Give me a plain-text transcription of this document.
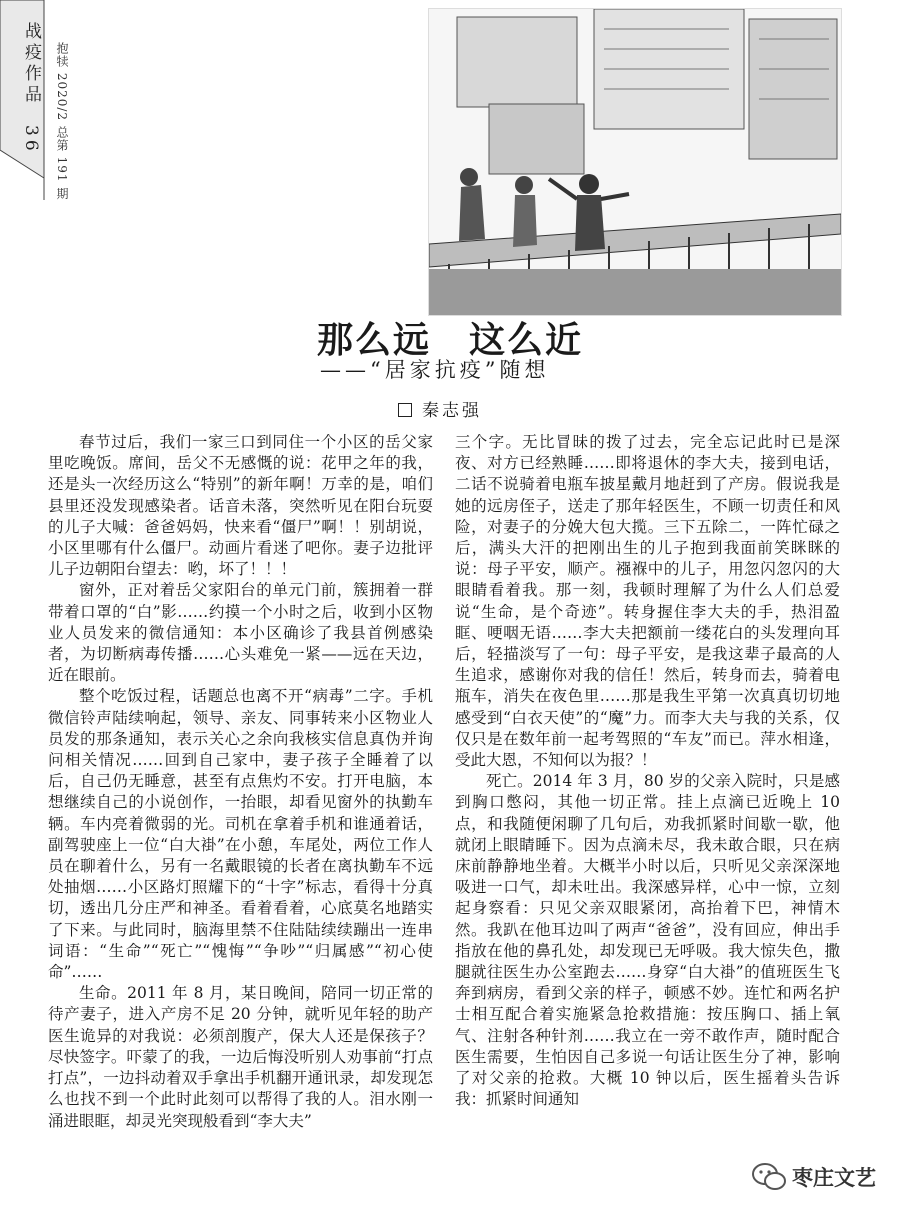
战疫作品 36 抱犊 2020/2 总第 191 期
那么远　这么近
——“居家抗疫”随想
秦志强

春节过后，我们一家三口到同住一个小区的岳父家里吃晚饭。席间，岳父不无感慨的说：花甲之年的我，还是头一次经历这么“特别”的新年啊！万幸的是，咱们县里还没发现感染者。话音未落，突然听见在阳台玩耍的儿子大喊：爸爸妈妈，快来看“僵尸”啊！！别胡说，小区里哪有什么僵尸。动画片看迷了吧你。妻子边批评儿子边朝阳台望去：哟，坏了！！！

窗外，正对着岳父家阳台的单元门前，簇拥着一群带着口罩的“白”影……约摸一个小时之后，收到小区物业人员发来的微信通知：本小区确诊了我县首例感染者，为切断病毒传播……心头难免一紧——远在天边，近在眼前。

整个吃饭过程，话题总也离不开“病毒”二字。手机微信铃声陆续响起，领导、亲友、同事转来小区物业人员发的那条通知，表示关心之余向我核实信息真伪并询问相关情况……回到自己家中，妻子孩子全睡着了以后，自己仍无睡意，甚至有点焦灼不安。打开电脑，本想继续自己的小说创作，一抬眼，却看见窗外的执勤车辆。车内亮着微弱的光。司机在拿着手机和谁通着话，副驾驶座上一位“白大褂”在小憩，车尾处，两位工作人员在聊着什么，另有一名戴眼镜的长者在离执勤车不远处抽烟……小区路灯照耀下的“十字”标志，看得十分真切，透出几分庄严和神圣。看着看着，心底莫名地踏实了下来。与此同时，脑海里禁不住陆陆续续蹦出一连串词语：“生命”“死亡”“愧悔”“争吵”“归属感”“初心使命”……

生命。2011 年 8 月，某日晚间，陪同一切正常的待产妻子，进入产房不足 20 分钟，就听见年轻的助产医生诡异的对我说：必须剖腹产，保大人还是保孩子？尽快签字。吓蒙了的我，一边后悔没听别人劝事前“打点打点”，一边抖动着双手拿出手机翻开通讯录，却发现怎么也找不到一个此时此刻可以帮得了我的人。泪水刚一涌进眼眶，却灵光突现般看到“李大夫”

三个字。无比冒昧的拨了过去，完全忘记此时已是深夜、对方已经熟睡……即将退休的李大夫，接到电话，二话不说骑着电瓶车披星戴月地赶到了产房。假说我是她的远房侄子，送走了那年轻医生，不顾一切责任和风险，对妻子的分娩大包大揽。三下五除二，一阵忙碌之后，满头大汗的把刚出生的儿子抱到我面前笑眯眯的说：母子平安，顺产。襁褓中的儿子，用忽闪忽闪的大眼睛看着我。那一刻，我顿时理解了为什么人们总爱说“生命，是个奇迹”。转身握住李大夫的手，热泪盈眶、哽咽无语……李大夫把额前一缕花白的头发理向耳后，轻描淡写了一句：母子平安，是我这辈子最高的人生追求，感谢你对我的信任！然后，转身而去，骑着电瓶车，消失在夜色里……那是我生平第一次真真切切地感受到“白衣天使”的“魔”力。而李大夫与我的关系，仅仅只是在数年前一起考驾照的“车友”而已。萍水相逢，受此大恩，不知何以为报？！

死亡。2014 年 3 月，80 岁的父亲入院时，只是感到胸口憋闷，其他一切正常。挂上点滴已近晚上 10 点，和我随便闲聊了几句后，劝我抓紧时间歇一歇，他就闭上眼睛睡下。因为点滴未尽，我未敢合眼，只在病床前静静地坐着。大概半小时以后，只听见父亲深深地吸进一口气，却未吐出。我深感异样，心中一惊，立刻起身察看：只见父亲双眼紧闭，高抬着下巴，神情木然。我趴在他耳边叫了两声“爸爸”，没有回应，伸出手指放在他的鼻孔处，却发现已无呼吸。我大惊失色，撒腿就往医生办公室跑去……身穿“白大褂”的值班医生飞奔到病房，看到父亲的样子，顿感不妙。连忙和两名护士相互配合着实施紧急抢救措施：按压胸口、插上氧气、注射各种针剂……我立在一旁不敢作声，随时配合医生需要，生怕因自己多说一句话让医生分了神，影响了对父亲的抢救。大概 10 钟以后，医生摇着头告诉我：抓紧时间通知

枣庄文艺
